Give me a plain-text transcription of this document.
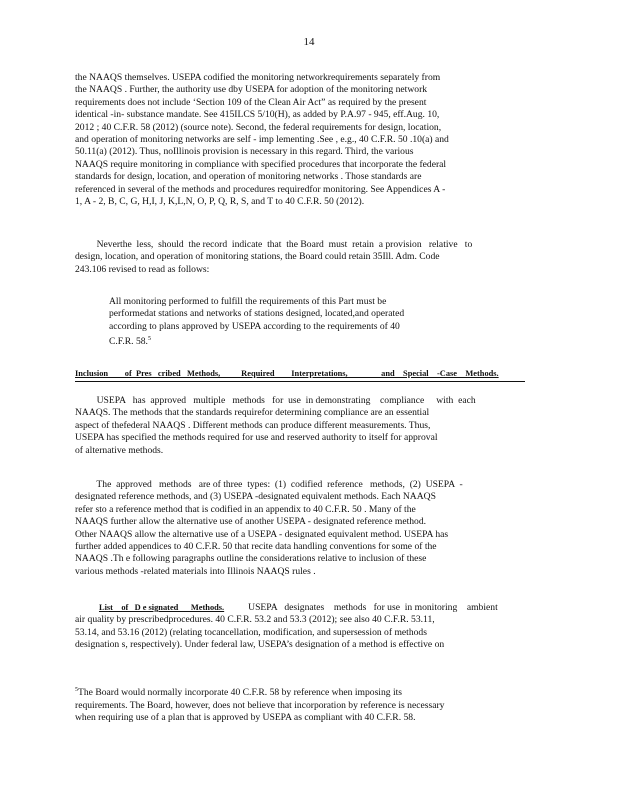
14
the NAAQS themselves. USEPA codified the monitoring networkrequirements separately from
the NAAQS . Further, the authority use dby USEPA for adoption of the monitoring network
requirements does not include ‘Section 109 of the Clean Air Act” as required by the present
identical -in- substance mandate. See 415ILCS 5/10(H), as added by P.A.97 - 945, eff.Aug. 10,
2012 ; 40 C.F.R. 58 (2012) (source note). Second, the federal requirements for design, location,
and operation of monitoring networks are self - imp lementing .See , e.g., 40 C.F.R. 50 .10(a) and
50.11(a) (2012). Thus, noIllinois provision is necessary in this regard. Third, the various
NAAQS require monitoring in compliance with specified procedures that incorporate the federal
standards for design, location, and operation of monitoring networks . Those standards are
referenced in several of the methods and procedures requiredfor monitoring. See Appendices A -
1, A - 2, B, C, G, H,I, J, K,L,N, O, P, Q, R, S, and T to 40 C.F.R. 50 (2012).
Neverthe  less,  should  the record  indicate  that  the Board  must  retain  a provision   relative   to
design, location, and operation of monitoring stations, the Board could retain 35Ill. Adm. Code
243.106 revised to read as follows:
All monitoring performed to fulfill the requirements of this Part must be
performedat stations and networks of stations designed, located,and operated
according to plans approved by USEPA according to the requirements of 40
C.F.R. 58.$^5$
Inclusion        of  Pres   cribed   Methods,          Required        Interpretations,                and    Special    -Case    Methods.
USEPA   has  approved   multiple   methods   for  use  in demonstrating    compliance     with  each
NAAQS. The methods that the standards requirefor determining compliance are an essential
aspect of thefederal NAAQS . Different methods can produce different measurements. Thus,
USEPA has specified the methods required for use and reserved authority to itself for approval
of alternative methods.
The  approved   methods   are of three  types:  (1)  codified  reference   methods,  (2)  USEPA  -
designated reference methods, and (3) USEPA -designated equivalent methods. Each NAAQS
refer sto a reference method that is codified in an appendix to 40 C.F.R. 50 . Many of the
NAAQS further allow the alternative use of another USEPA - designated reference method.
Other NAAQS allow the alternative use of a USEPA - designated equivalent method. USEPA has
further added appendices to 40 C.F.R. 50 that recite data handling conventions for some of the
NAAQS .Th e following paragraphs outline the considerations relative to inclusion of these
various methods -related materials into Illinois NAAQS rules .
List    of   D e signated      Methods.          USEPA   designates    methods   for use  in monitoring    ambient
air quality by prescribedprocedures. 40 C.F.R. 53.2 and 53.3 (2012); see also 40 C.F.R. 53.11,
53.14, and 53.16 (2012) (relating tocancellation, modification, and supersession of methods
designation s, respectively). Under federal law, USEPA’s designation of a method is effective on
$^5$The Board would normally incorporate 40 C.F.R. 58 by reference when imposing its
requirements. The Board, however, does not believe that incorporation by reference is necessary
when requiring use of a plan that is approved by USEPA as compliant with 40 C.F.R. 58.
